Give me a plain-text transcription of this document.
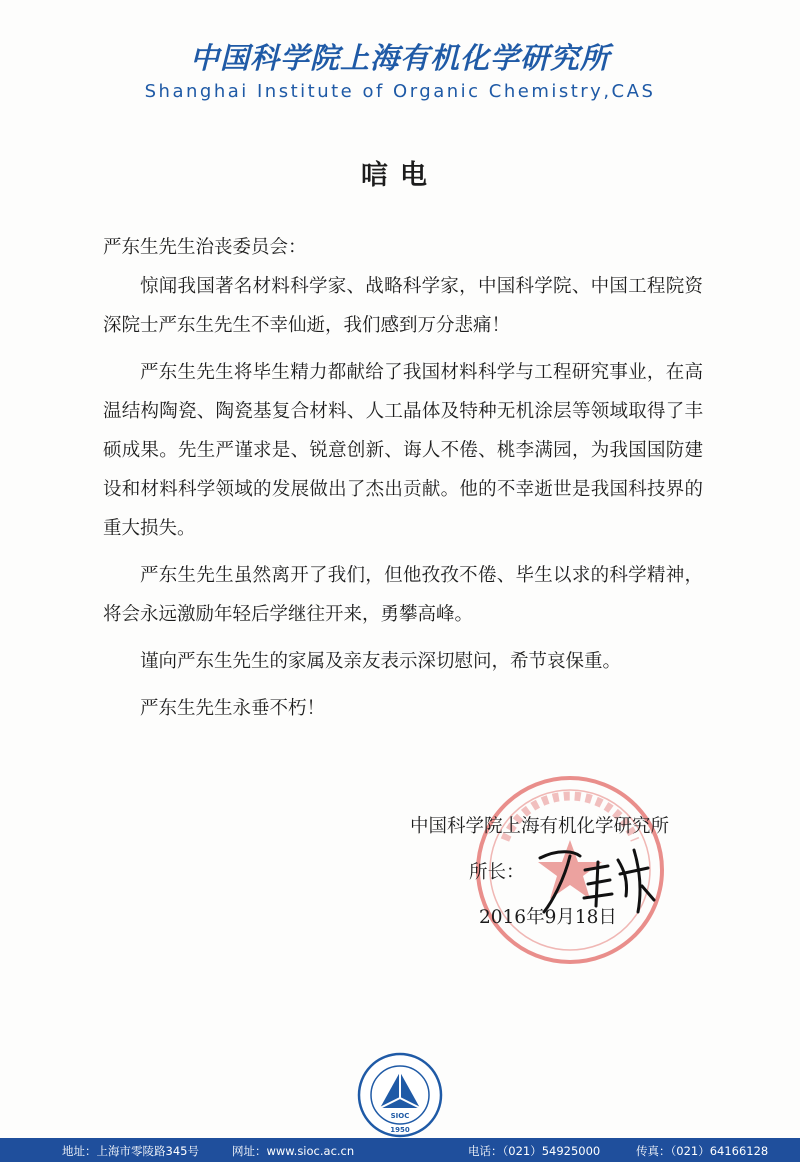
中国科学院上海有机化学研究所
Shanghai Institute of Organic Chemistry,CAS
唁电

严东生先生治丧委员会：

惊闻我国著名材料科学家、战略科学家，中国科学院、中国工程院资深院士严东生先生不幸仙逝，我们感到万分悲痛！

严东生先生将毕生精力都献给了我国材料科学与工程研究事业，在高温结构陶瓷、陶瓷基复合材料、人工晶体及特种无机涂层等领域取得了丰硕成果。先生严谨求是、锐意创新、诲人不倦、桃李满园，为我国国防建设和材料科学领域的发展做出了杰出贡献。他的不幸逝世是我国科技界的重大损失。

严东生先生虽然离开了我们，但他孜孜不倦、毕生以求的科学精神，将会永远激励年轻后学继往开来，勇攀高峰。

谨向严东生先生的家属及亲友表示深切慰问，希节哀保重。

严东生先生永垂不朽！

中国科学院上海有机化学研究所
所长：
2016年9月18日
SIOC
1950
地址：上海市零陵路345号	网址：www.sioc.ac.cn	电话：（021）54925000	传真：（021）64166128
